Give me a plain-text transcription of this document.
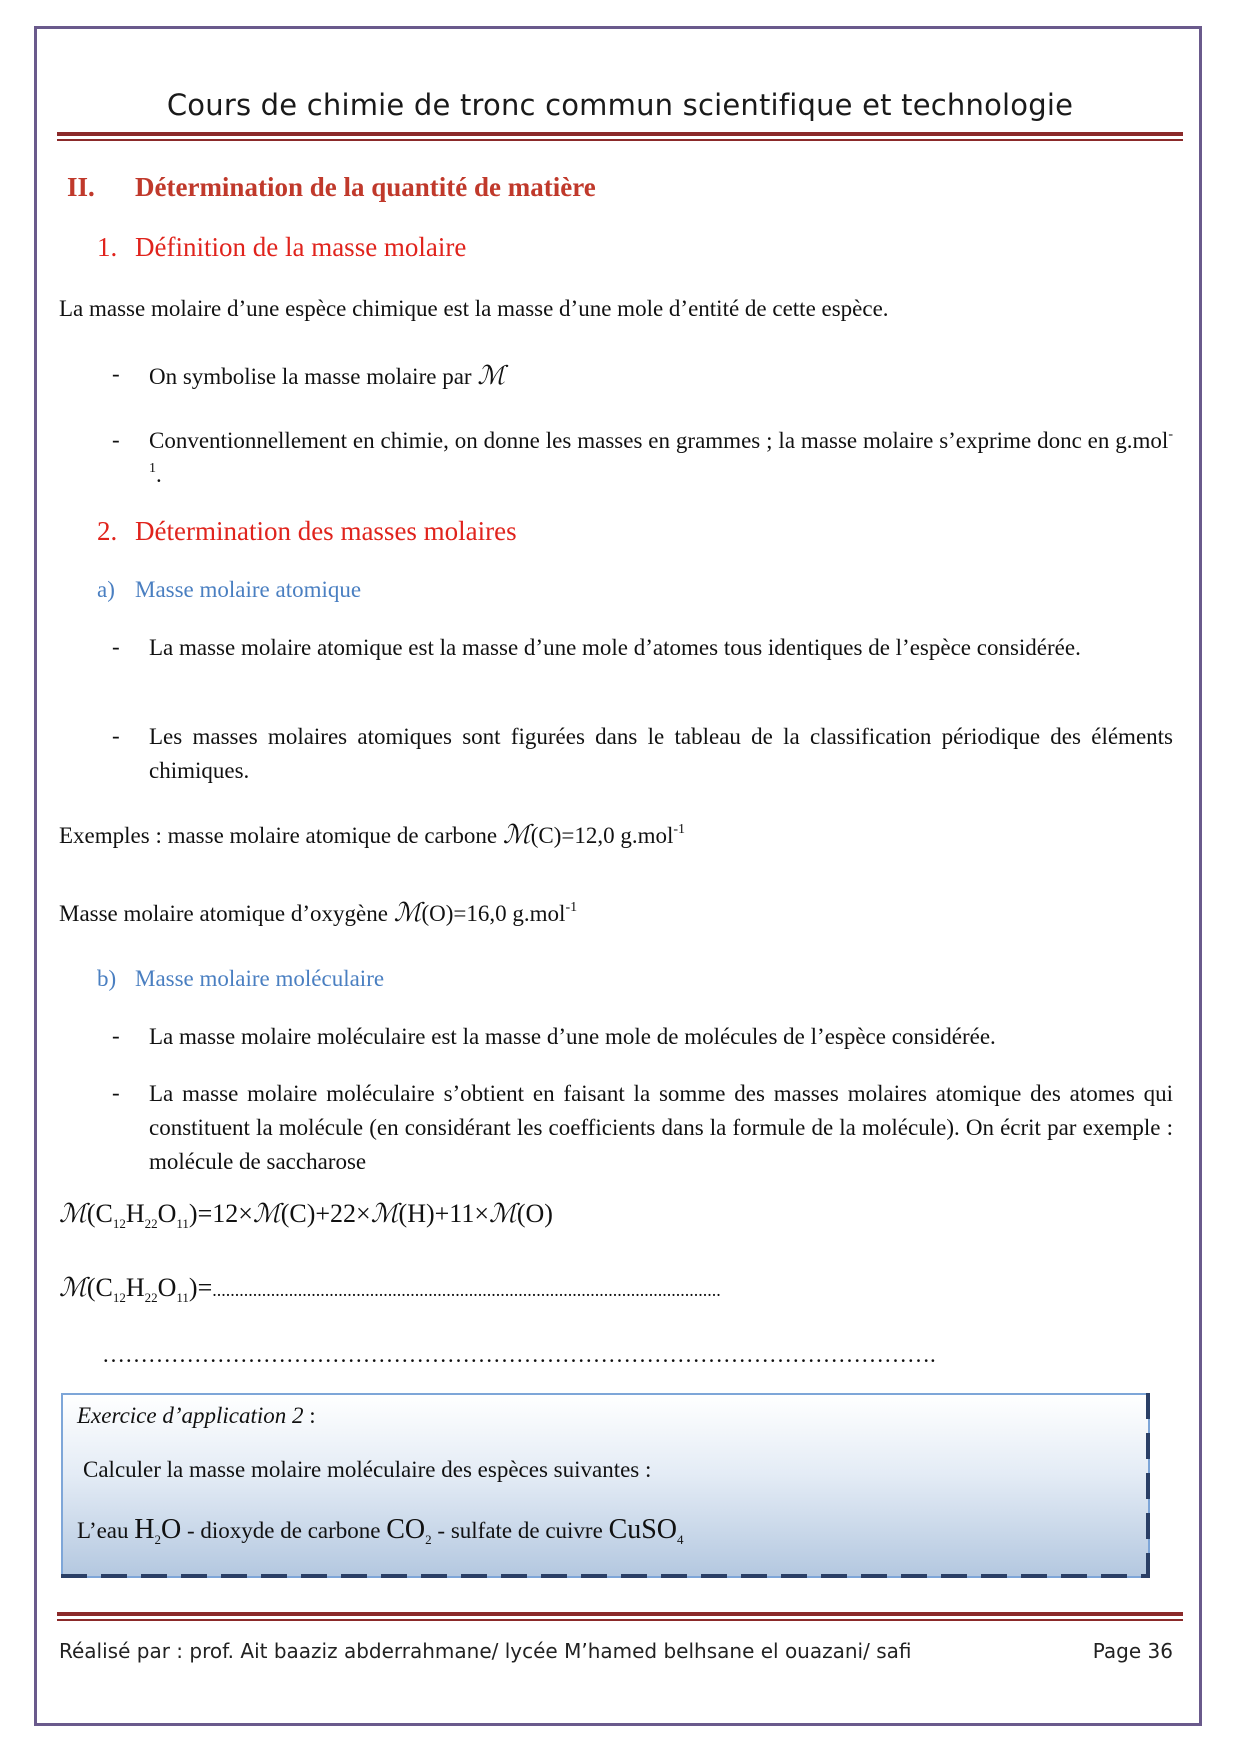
Cours de chimie de tronc commun scientifique et technologie
II. Détermination de la quantité de matière
1. Définition de la masse molaire
La masse molaire d’une espèce chimique est la masse d’une mole d’entité de cette espèce.
- On symbolise la masse molaire par ℳ
- Conventionnellement en chimie, on donne les masses en grammes ; la masse molaire s’exprime donc en g.mol$^{-1}$.
2. Détermination des masses molaires
a) Masse molaire atomique
- La masse molaire atomique est la masse d’une mole d’atomes tous identiques de l’espèce considérée.
- Les masses molaires atomiques sont figurées dans le tableau de la classification périodique des éléments chimiques.
Exemples : masse molaire atomique de carbone ℳ(C)=12,0 g.mol$^{-1}$
Masse molaire atomique d’oxygène ℳ(O)=16,0 g.mol$^{-1}$
b) Masse molaire moléculaire
- La masse molaire moléculaire est la masse d’une mole de molécules de l’espèce considérée.
- La masse molaire moléculaire s’obtient en faisant la somme des masses molaires atomique des atomes qui constituent la molécule (en considérant les coefficients dans la formule de la molécule). On écrit par exemple : molécule de saccharose
$ℳ(C_{12}H_{22}O_{11})=12\times ℳ(C)+22\times ℳ(H)+11\times ℳ(O)$
$ℳ(C_{12}H_{22}O_{11})=$.................................................................................................................
……………………………………………………………………………………………….
Exercice d’application 2 :
Calculer la masse molaire moléculaire des espèces suivantes :
L’eau $H_2O$ - dioxyde de carbone $CO_2$ - sulfate de cuivre CuSO$_4$
Réalisé par : prof. Ait baaziz abderrahmane/ lycée M’hamed belhsane el ouazani/ safi	Page 36
